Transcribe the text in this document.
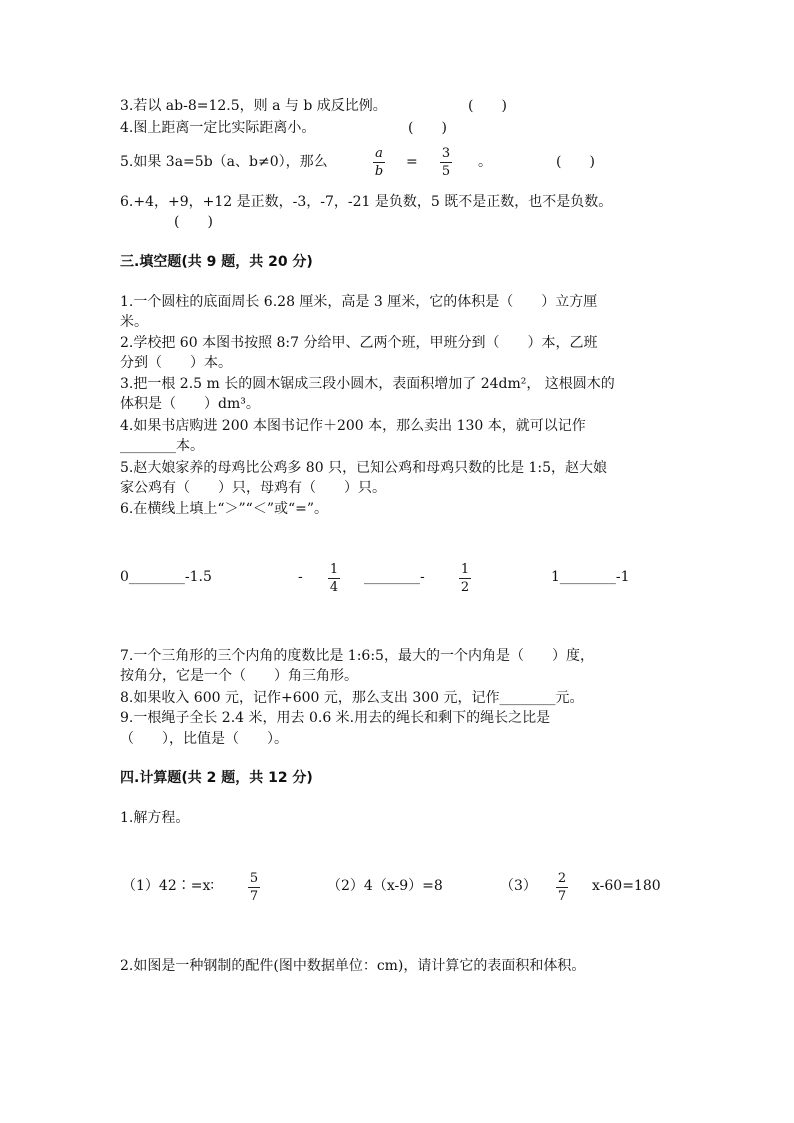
3.若以 ab-8=12.5，则 a 与 b 成反比例。	(　　)
4.图上距离一定比实际距离小。	(　　)
5.如果 3a=5b（a、b≠0），那么
a
b
=
3
5
。	(　　)
6.+4，+9，+12 是正数，-3，-7，-21 是负数，5 既不是正数，也不是负数。
(　　)
三.填空题(共 9 题，共 20 分)
1.一个圆柱的底面周长 6.28 厘米，高是 3 厘米，它的体积是（　　）立方厘
米。
2.学校把 60 本图书按照 8:7 分给甲、乙两个班，甲班分到（　　）本，乙班
分到（　　）本。
3.把一根 2.5 m 长的圆木锯成三段小圆木，表面积增加了 24dm²， 这根圆木的
体积是（　　）dm³。
4.如果书店购进 200 本图书记作＋200 本，那么卖出 130 本，就可以记作
________本。
5.赵大娘家养的母鸡比公鸡多 80 只，已知公鸡和母鸡只数的比是 1:5，赵大娘
家公鸡有（　　）只，母鸡有（　　）只。
6.在横线上填上“＞”“＜”或“=”。
0________-1.5	- 1
4
________-	1
2
1________-1
7.一个三角形的三个内角的度数比是 1:6:5，最大的一个内角是（　　）度，
按角分，它是一个（　　）角三角形。
8.如果收入 600 元，记作+600 元，那么支出 300 元，记作________元。
9.一根绳子全长 2.4 米，用去 0.6 米.用去的绳长和剩下的绳长之比是
（　　），比值是（　　）。
四.计算题(共 2 题，共 12 分)
1.解方程。
（1）42∶=x∶	5
7
（2）4（x-9）=8	（3） 2
7
x-60=180
2.如图是一种钢制的配件(图中数据单位：cm)，请计算它的表面积和体积。
